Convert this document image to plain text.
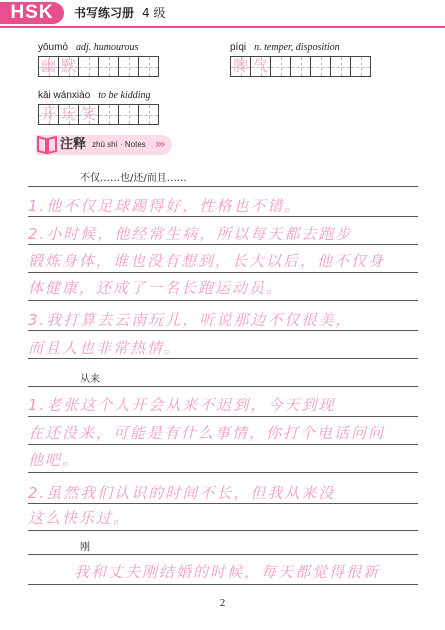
HSK	书写练习册 4 级
yōumò adj. humourous
幽 默
píqi n. temper, disposition
脾 气
kāi wánxiào to be kidding
开 玩 笑
注释 zhù shì · Notes ›››
不仅……也/还/而且……
1.他不仅足球踢得好，性格也不错。
2.小时候，他经常生病，所以每天都去跑步
锻炼身体，谁也没有想到，长大以后，他不仅身
体健康，还成了一名长跑运动员。
3.我打算去云南玩儿，听说那边不仅很美，
而且人也非常热情。
从来
1.老张这个人开会从来不迟到，今天到现
在还没来，可能是有什么事情，你打个电话问问
他吧。
2.虽然我们认识的时间不长，但我从来没
这么快乐过。
刚
我和丈夫刚结婚的时候，每天都觉得很新
2
